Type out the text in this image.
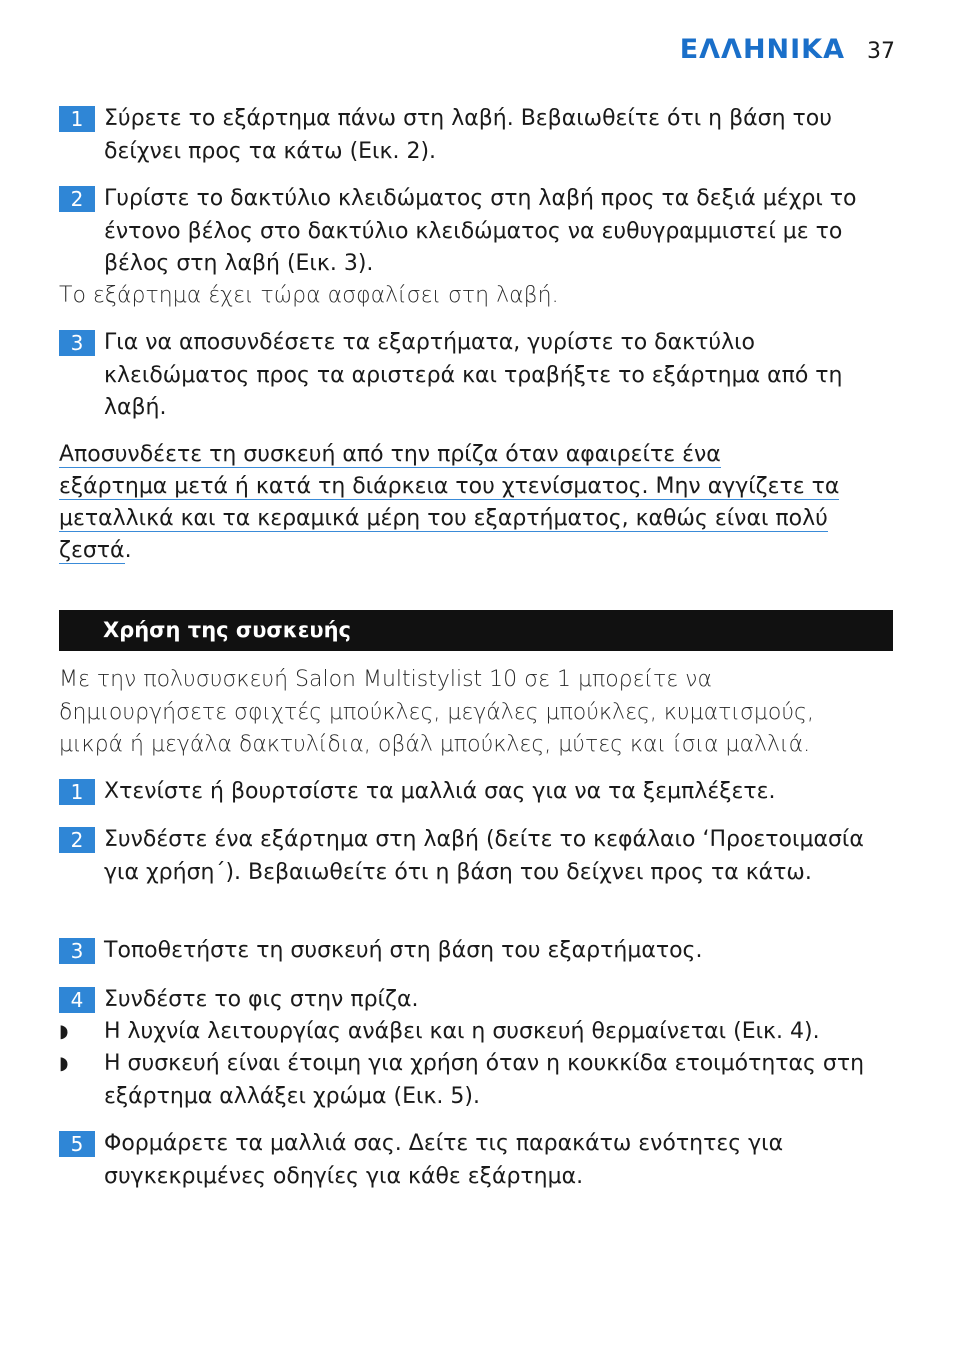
ΕΛΛΗΝΙΚΑ 37
1 Σύρετε το εξάρτημα πάνω στη λαβή. Βεβαιωθείτε ότι η βάση του δείχνει προς τα κάτω (Εικ. 2).
2 Γυρίστε το δακτύλιο κλειδώματος στη λαβή προς τα δεξιά μέχρι το έντονο βέλος στο δακτύλιο κλειδώματος να ευθυγραμμιστεί με το βέλος στη λαβή (Εικ. 3).
Το εξάρτημα έχει τώρα ασφαλίσει στη λαβή.
3 Για να αποσυνδέσετε τα εξαρτήματα, γυρίστε το δακτύλιο κλειδώματος προς τα αριστερά και τραβήξτε το εξάρτημα από τη λαβή.
Αποσυνδέετε τη συσκευή από την πρίζα όταν αφαιρείτε ένα
εξάρτημα μετά ή κατά τη διάρκεια του χτενίσματος. Μην αγγίζετε τα
μεταλλικά και τα κεραμικά μέρη του εξαρτήματος, καθώς είναι πολύ
ζεστά.
Χρήση της συσκευής
Με την πολυσυσκευή Salon Multistylist 10 σε 1 μπορείτε να
δημιουργήσετε σφιχτές μπούκλες, μεγάλες μπούκλες, κυματισμούς,
μικρά ή μεγάλα δακτυλίδια, οβάλ μπούκλες, μύτες και ίσια μαλλιά.
1 Χτενίστε ή βουρτσίστε τα μαλλιά σας για να τα ξεμπλέξετε.
2 Συνδέστε ένα εξάρτημα στη λαβή (δείτε το κεφάλαιο ‘Προετοιμασία για χρήση΄). Βεβαιωθείτε ότι η βάση του δείχνει προς τα κάτω.
3 Τοποθετήστε τη συσκευή στη βάση του εξαρτήματος.
4 Συνδέστε το φις στην πρίζα.
◗	Η λυχνία λειτουργίας ανάβει και η συσκευή θερμαίνεται (Εικ. 4).
◗	Η συσκευή είναι έτοιμη για χρήση όταν η κουκκίδα ετοιμότητας στη εξάρτημα αλλάξει χρώμα (Εικ. 5).
5 Φορμάρετε τα μαλλιά σας. Δείτε τις παρακάτω ενότητες για συγκεκριμένες οδηγίες για κάθε εξάρτημα.
